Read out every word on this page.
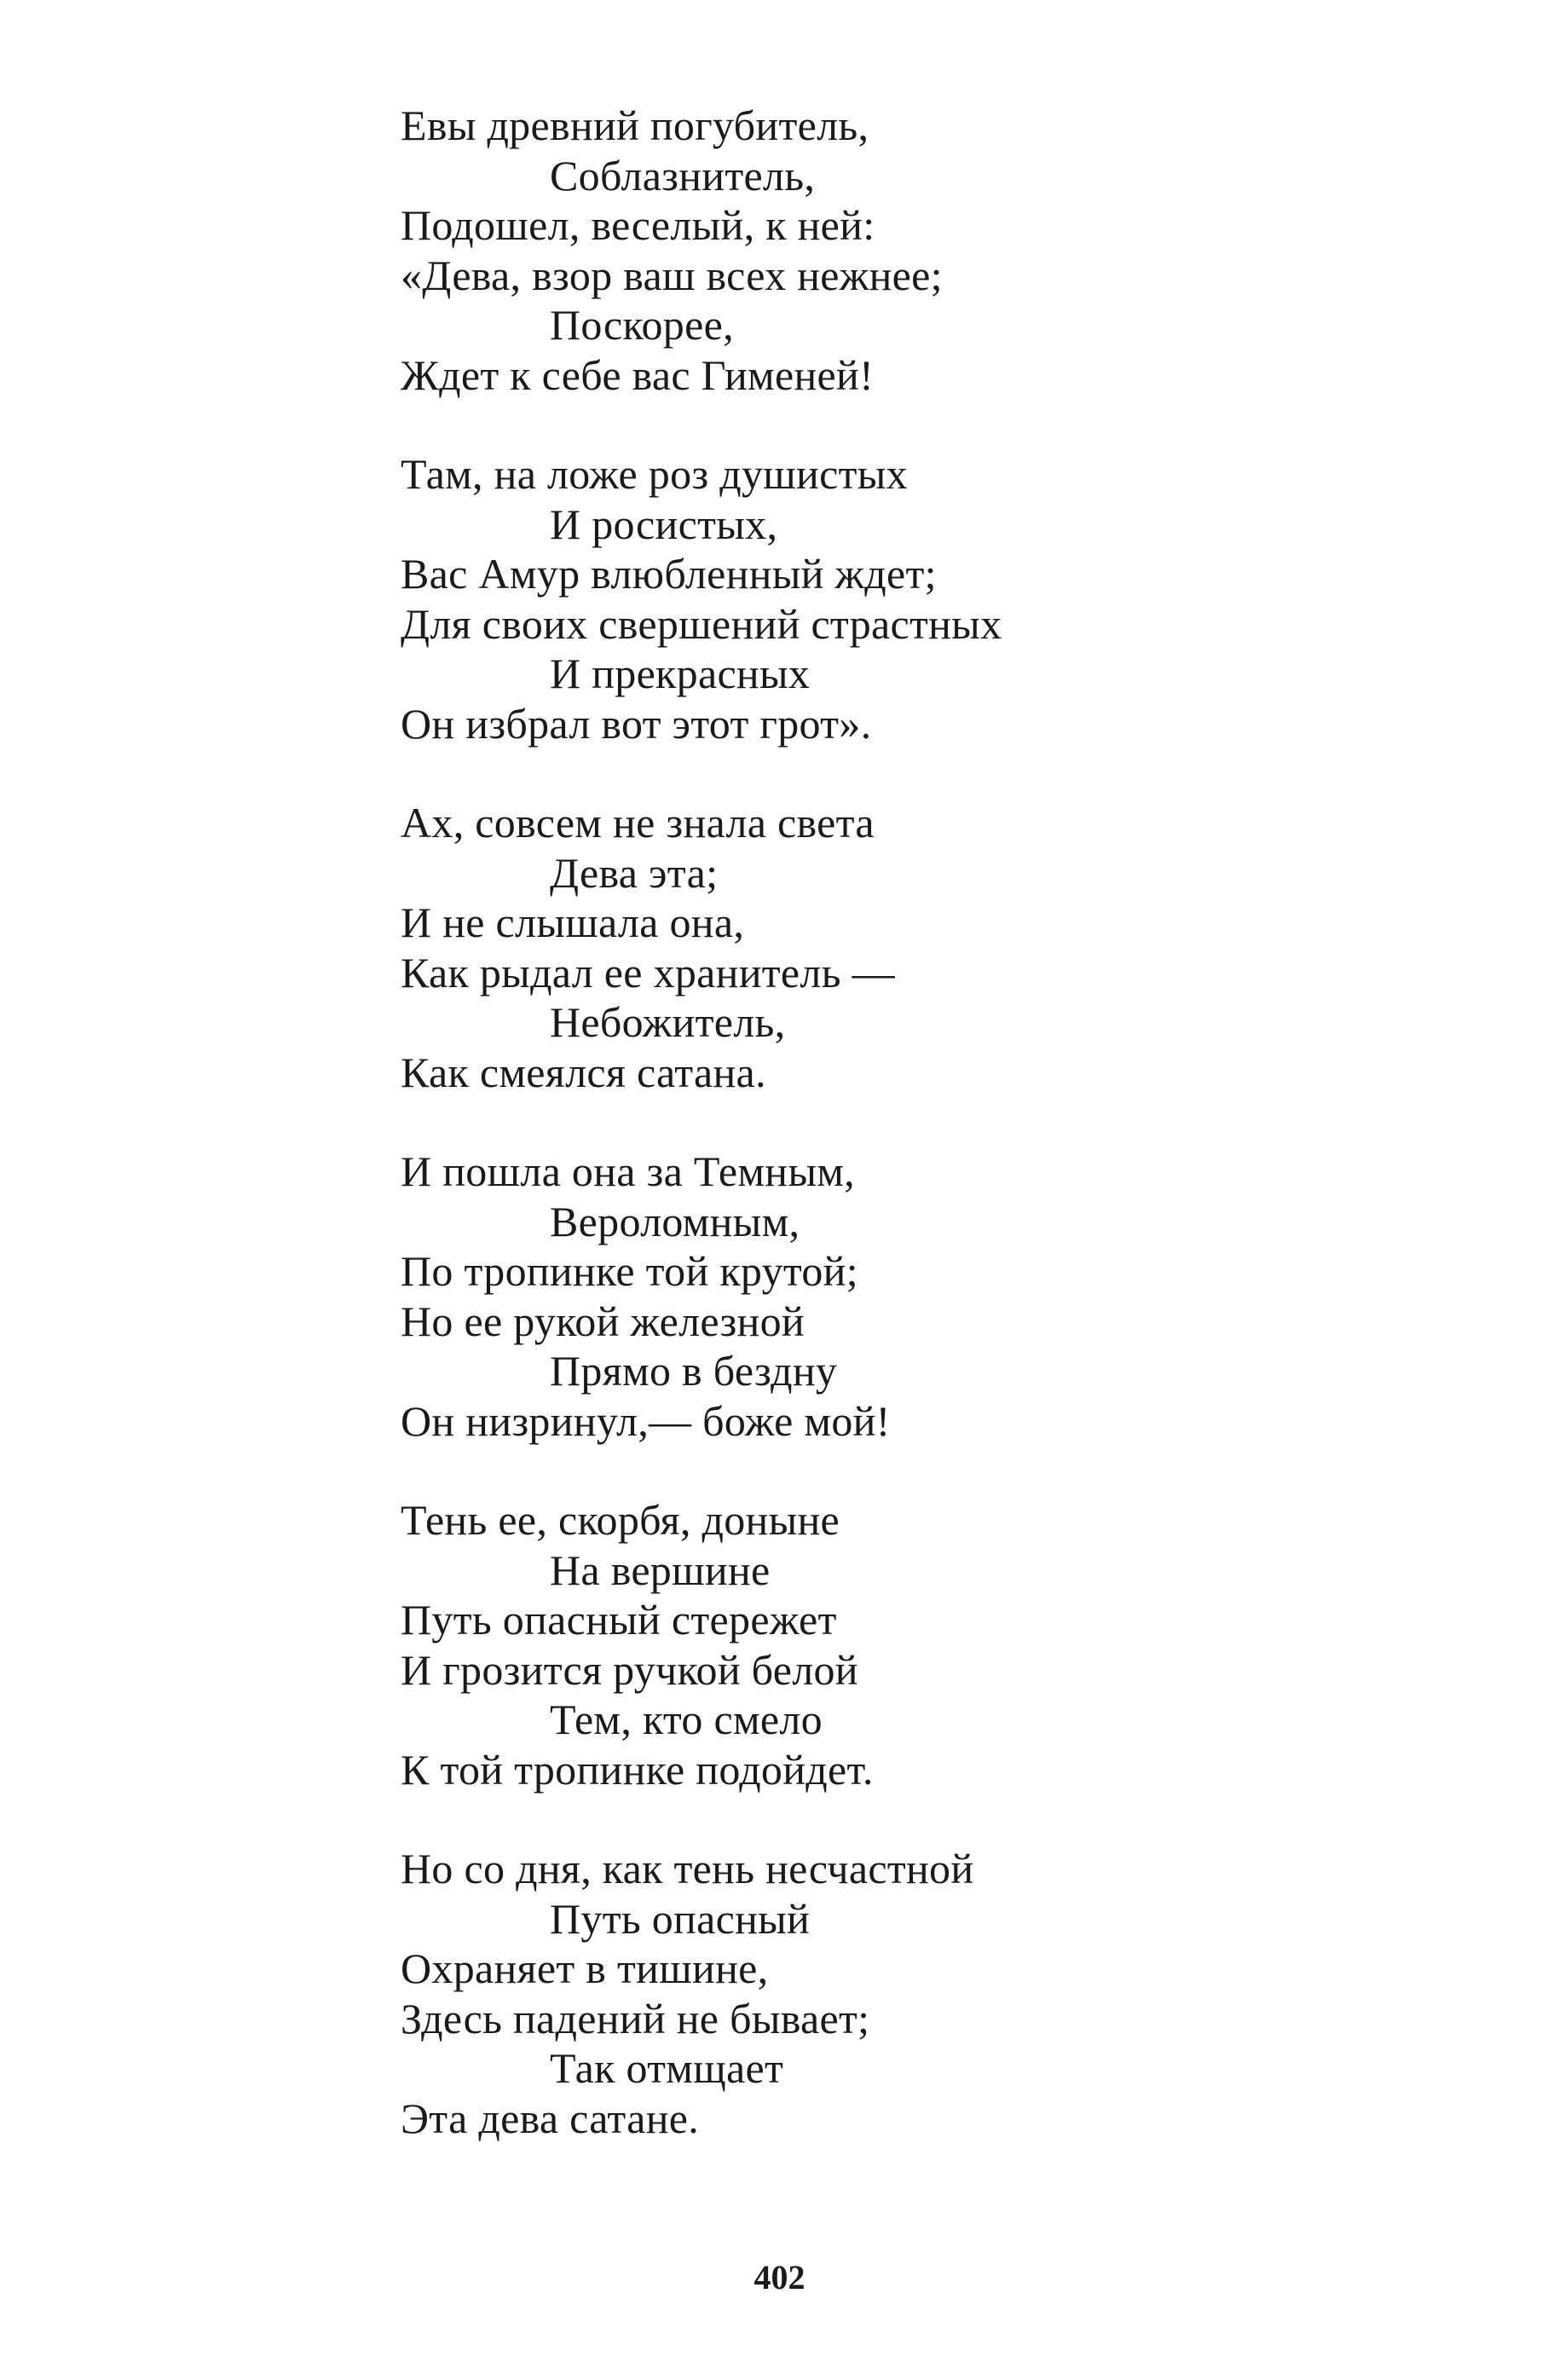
Евы древний погубитель,
Соблазнитель,
Подошел, веселый, к ней:
«Дева, взор ваш всех нежнее;
Поскорее,
Ждет к себе вас Гименей!
Там, на ложе роз душистых
И росистых,
Вас Амур влюбленный ждет;
Для своих свершений страстных
И прекрасных
Он избрал вот этот грот».
Ах, совсем не знала света
Дева эта;
И не слышала она,
Как рыдал ее хранитель —
Небожитель,
Как смеялся сатана.
И пошла она за Темным,
Вероломным,
По тропинке той крутой;
Но ее рукой железной
Прямо в бездну
Он низринул,— боже мой!
Тень ее, скорбя, доныне
На вершине
Путь опасный стережет
И грозится ручкой белой
Тем, кто смело
К той тропинке подойдет.
Но со дня, как тень несчастной
Путь опасный
Охраняет в тишине,
Здесь падений не бывает;
Так отмщает
Эта дева сатане.
402
